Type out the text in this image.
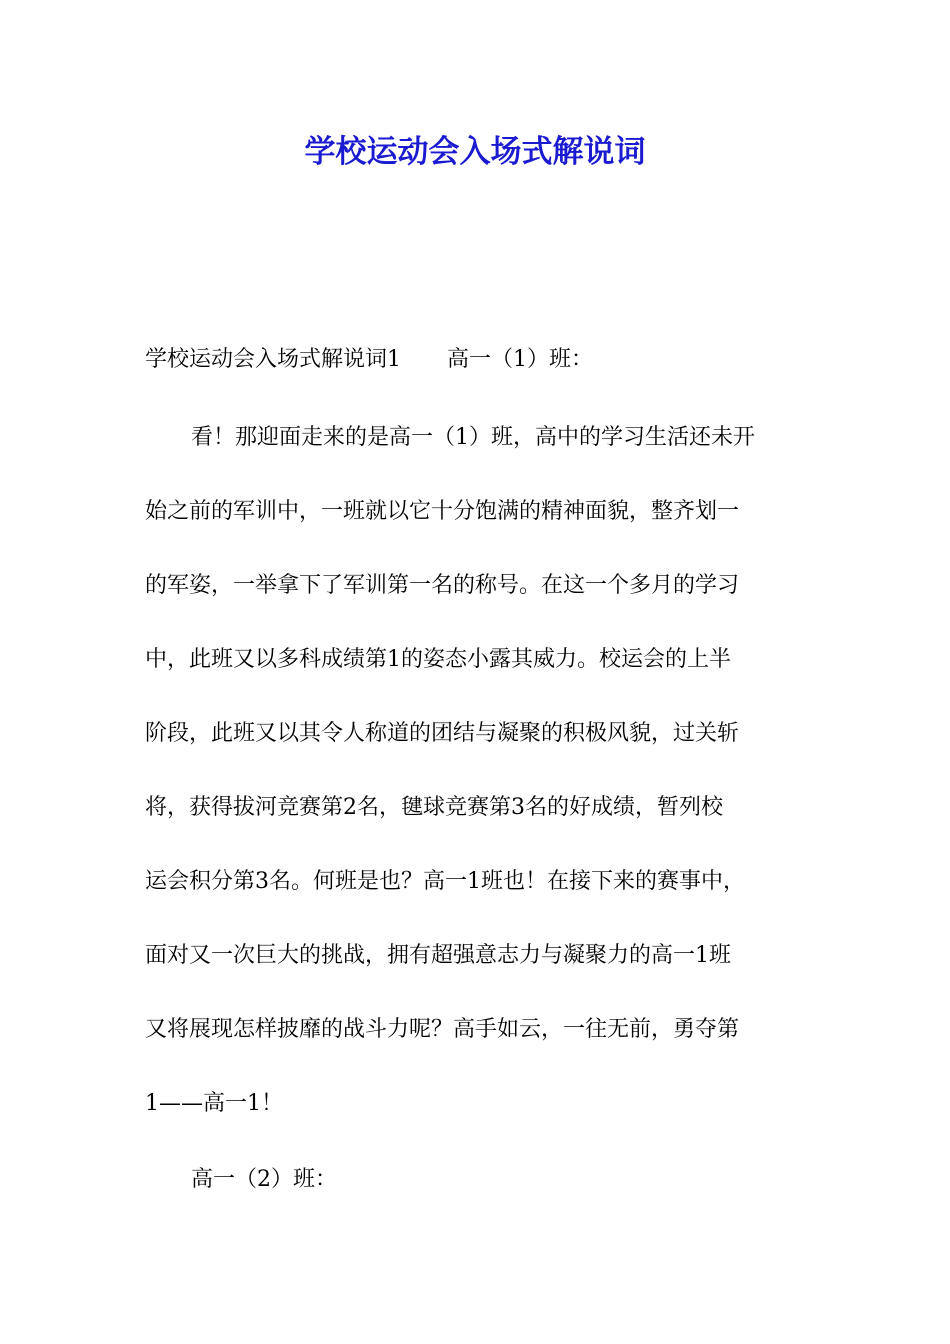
学校运动会入场式解说词
学校运动会入场式解说词1 高一（1）班：
看！那迎面走来的是高一（1）班，高中的学习生活还未开
始之前的军训中，一班就以它十分饱满的精神面貌，整齐划一
的军姿，一举拿下了军训第一名的称号。在这一个多月的学习
中，此班又以多科成绩第1的姿态小露其威力。校运会的上半
阶段，此班又以其令人称道的团结与凝聚的积极风貌，过关斩
将，获得拔河竞赛第2名，毽球竞赛第3名的好成绩，暂列校
运会积分第3名。何班是也？高一1班也！在接下来的赛事中，
面对又一次巨大的挑战，拥有超强意志力与凝聚力的高一1班
又将展现怎样披靡的战斗力呢？高手如云，一往无前，勇夺第
1——高一1！
高一（2）班：
